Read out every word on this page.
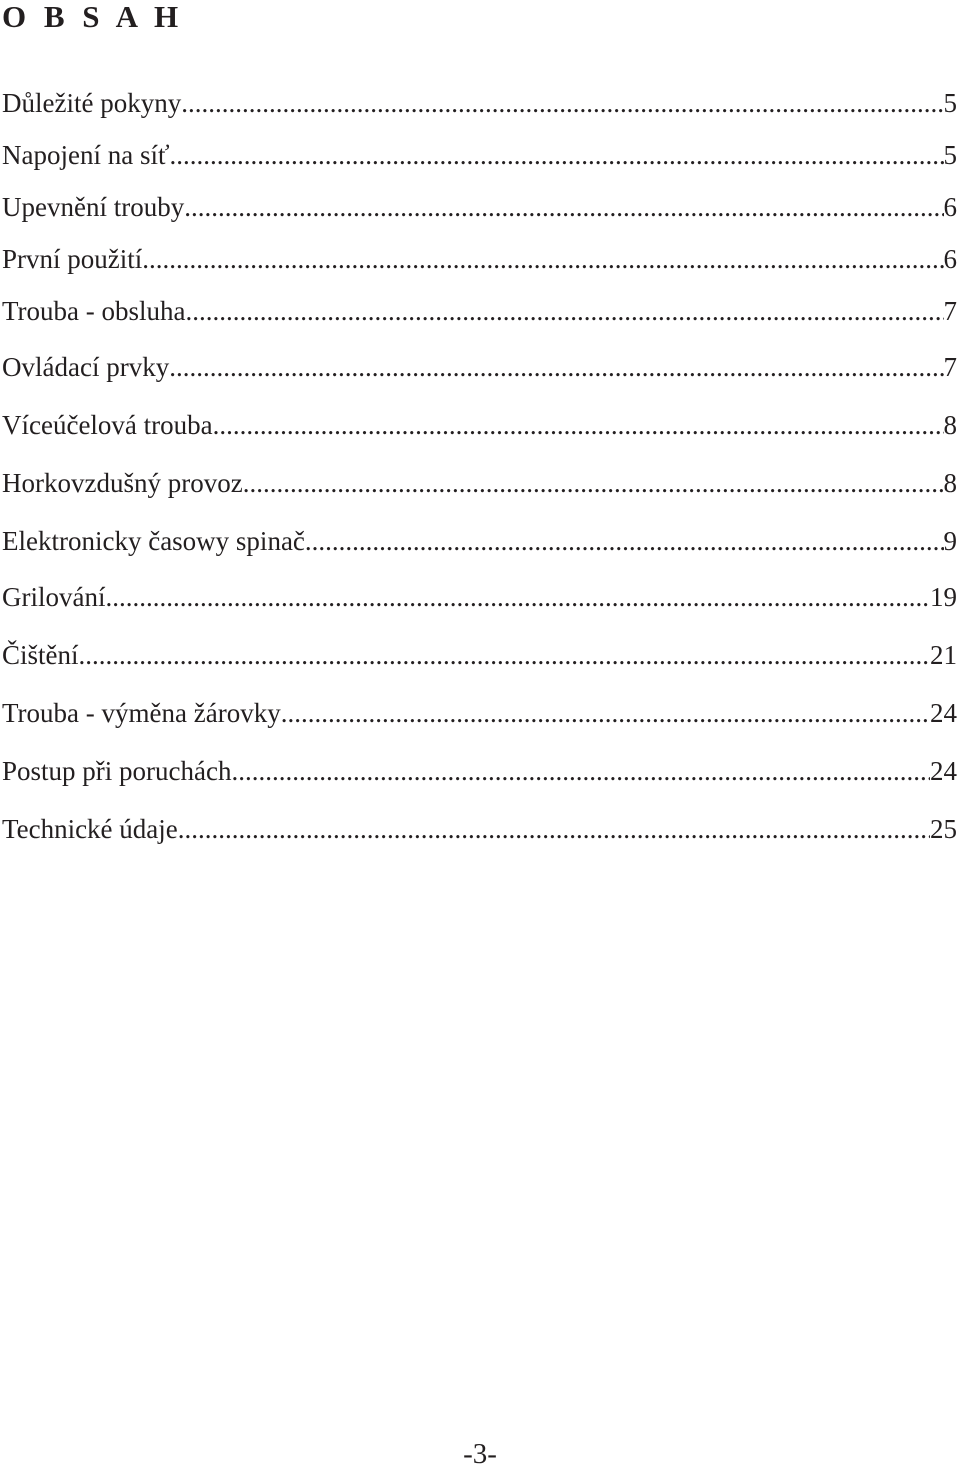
O B S A H
Důležité pokyny .....	5
Napojení na síť .....	5
Upevnění trouby .....	6
První použití .....	6
Trouba - obsluha .....	7
Ovládací prvky .....	7
Víceúčelová trouba .....	8
Horkovzdušný provoz .....	8
Elektronicky časowy spinač .....	9
Grilování .....	19
Čištění .....	21
Trouba - výměna žárovky .....	24
Postup při poruchách .....	24
Technické údaje .....	25
-3-
